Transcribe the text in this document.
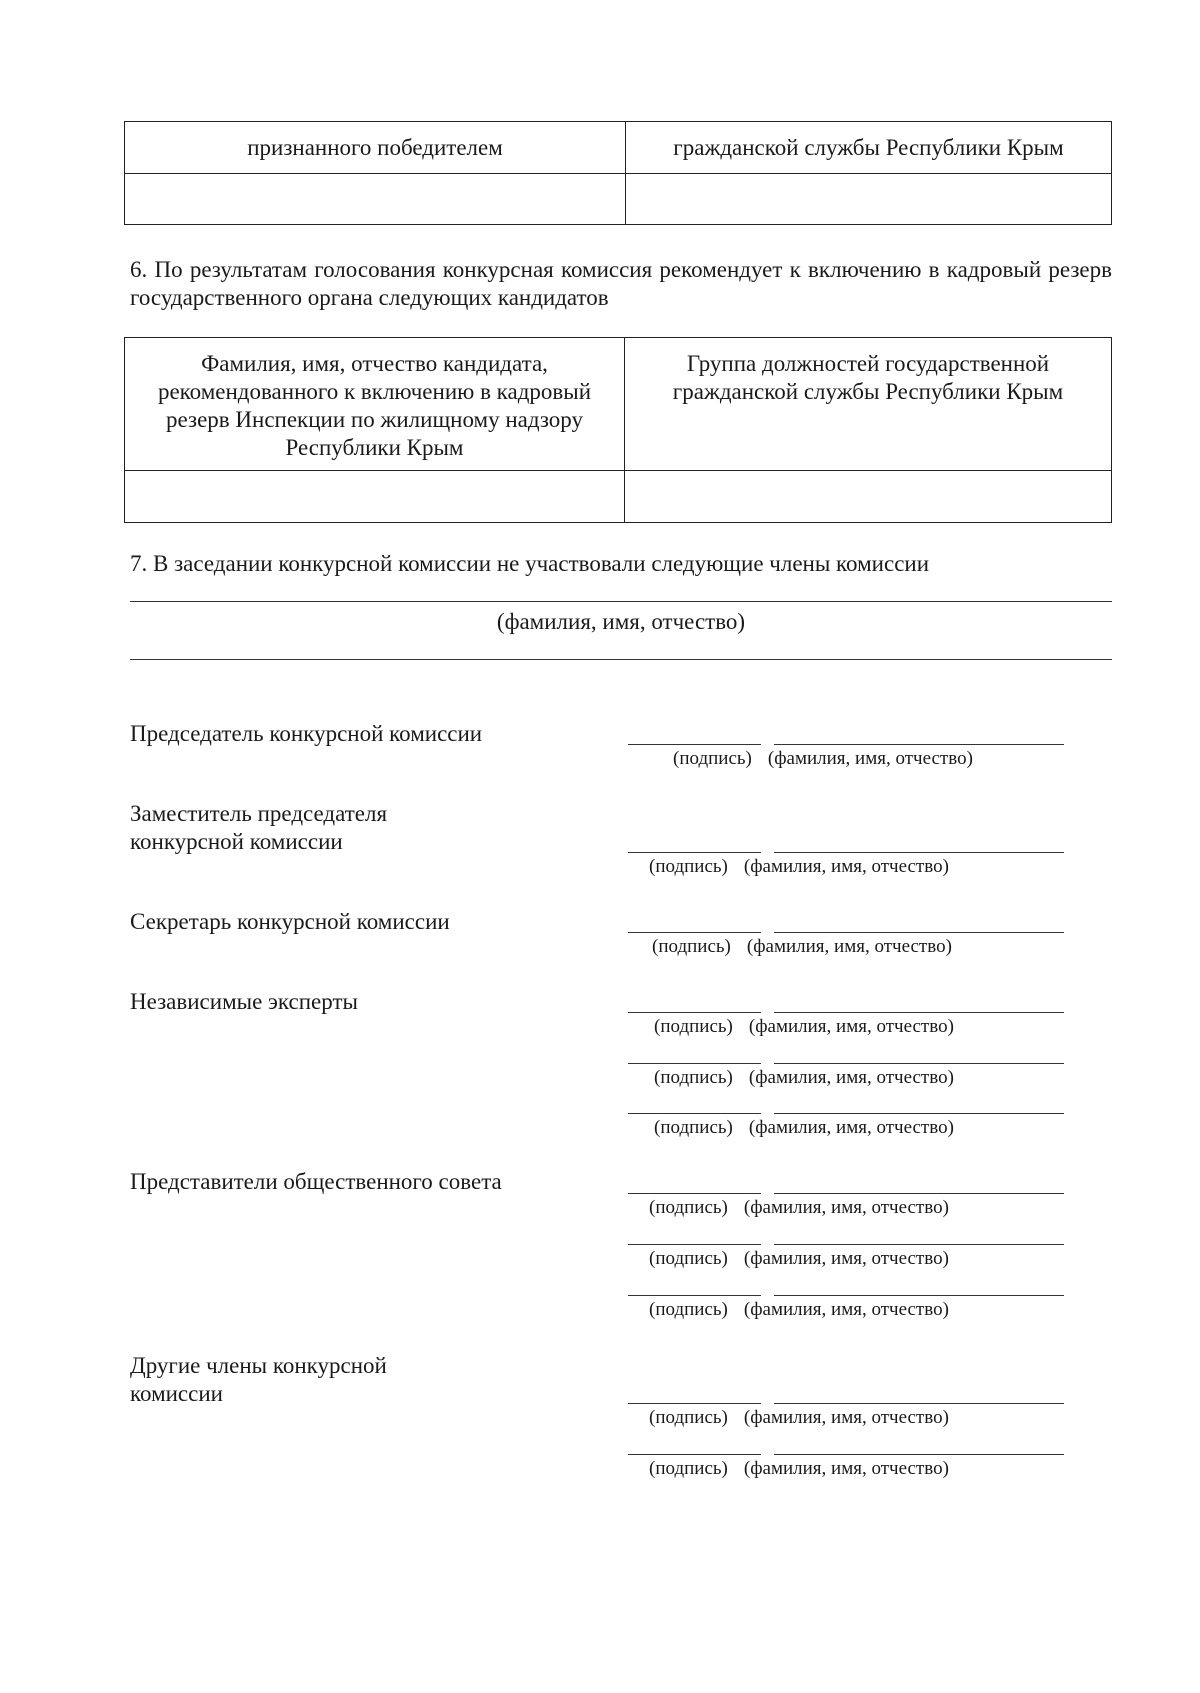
признанного победителем	гражданской службы Республики Крым

6. По результатам голосования конкурсная комиссия рекомендует к включению в кадровый резерв государственного органа следующих кандидатов
Фамилия, имя, отчество кандидата, рекомендованного к включению в кадровый резерв Инспекции по жилищному надзору Республики Крым	Группа должностей государственной гражданской службы Республики Крым

7. В заседании конкурсной комиссии не участвовали следующие члены комиссии
(фамилия, имя, отчество)
Председатель конкурсной комиссии
(подпись) (фамилия, имя, отчество)
Заместитель председателя конкурсной комиссии
(подпись) (фамилия, имя, отчество)
Секретарь конкурсной комиссии
(подпись) (фамилия, имя, отчество)
Независимые эксперты
(подпись) (фамилия, имя, отчество)
(подпись) (фамилия, имя, отчество)
(подпись) (фамилия, имя, отчество)
Представители общественного совета
(подпись) (фамилия, имя, отчество)
(подпись) (фамилия, имя, отчество)
(подпись) (фамилия, имя, отчество)
Другие члены конкурсной комиссии
(подпись) (фамилия, имя, отчество)
(подпись) (фамилия, имя, отчество)
